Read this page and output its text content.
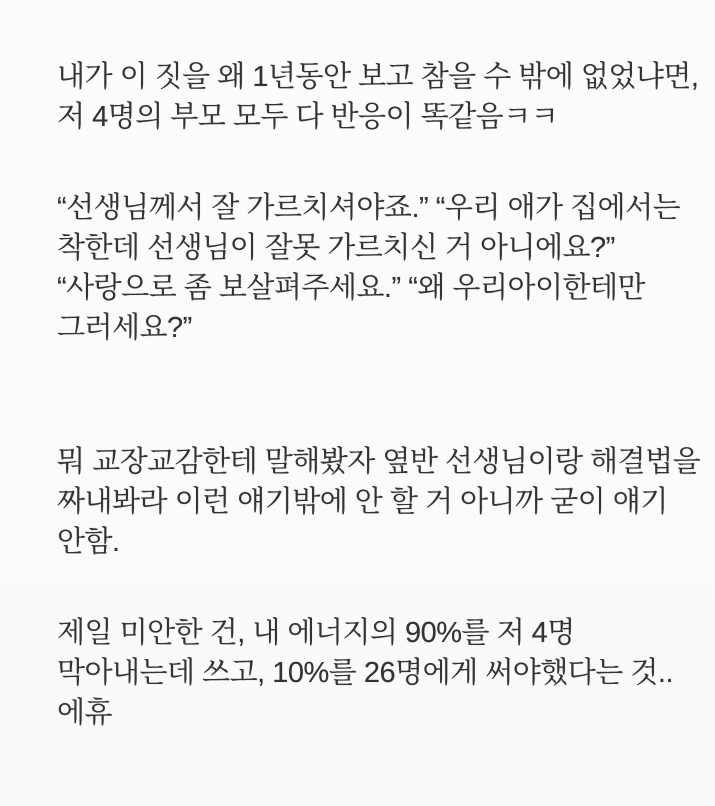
내가 이 짓을 왜 1년동안 보고 참을 수 밖에 없었냐면,
저 4명의 부모 모두 다 반응이 똑같음ㅋㅋ

“선생님께서 잘 가르치셔야죠.” “우리 애가 집에서는
착한데 선생님이 잘못 가르치신 거 아니에요?”
“사랑으로 좀 보살펴주세요.” “왜 우리아이한테만
그러세요?”

뭐 교장교감한테 말해봤자 옆반 선생님이랑 해결법을
짜내봐라 이런 얘기밖에 안 할 거 아니까 굳이 얘기
안함.

제일 미안한 건, 내 에너지의 90%를 저 4명
막아내는데 쓰고, 10%를 26명에게 써야했다는 것..
에휴
